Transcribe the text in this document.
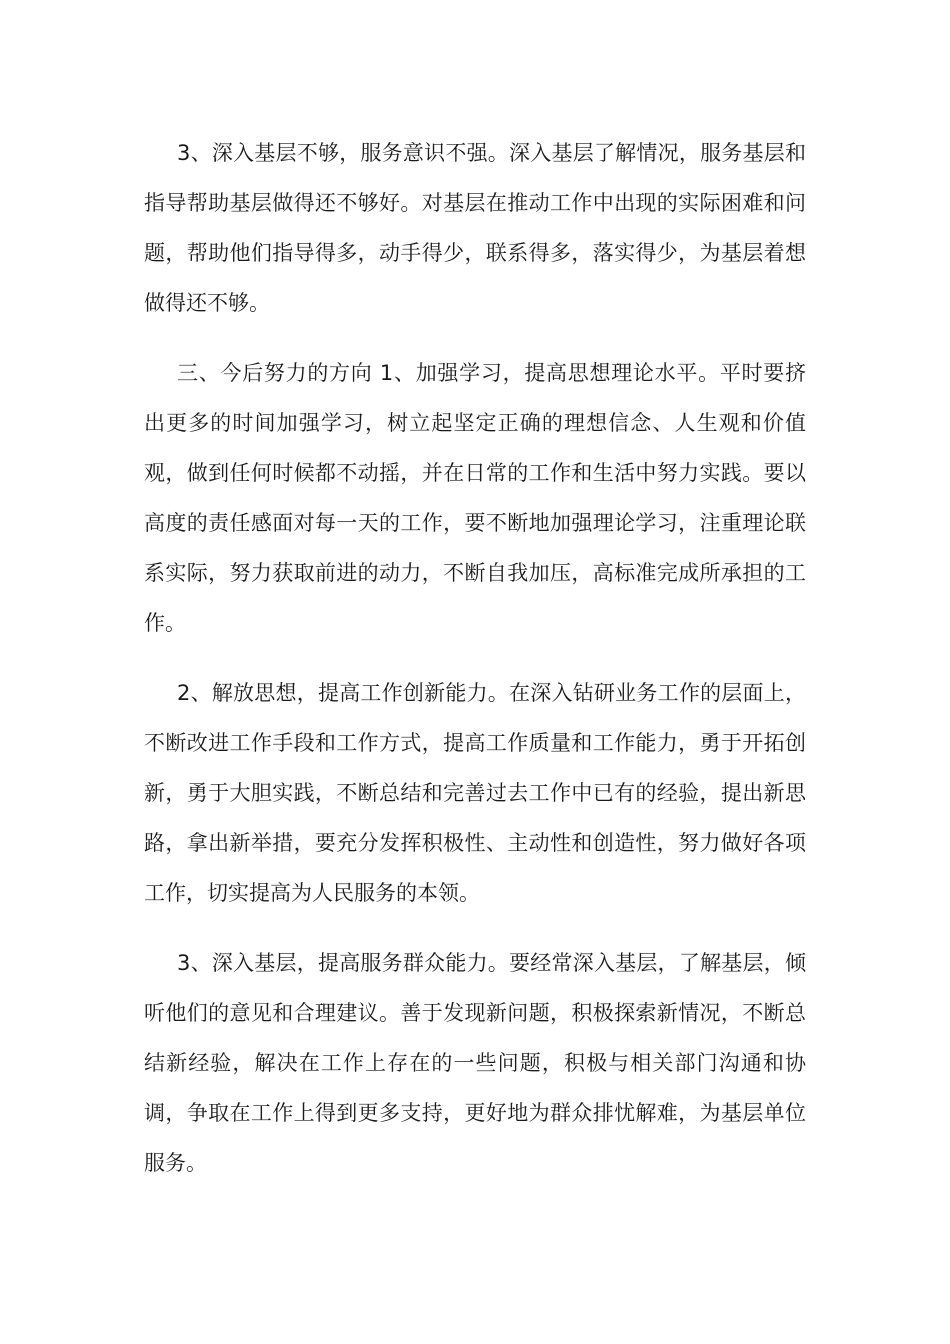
3、深入基层不够，服务意识不强。深入基层了解情况，服务基层和指导帮助基层做得还不够好。对基层在推动工作中出现的实际困难和问题，帮助他们指导得多，动手得少，联系得多，落实得少，为基层着想做得还不够。

三、今后努力的方向 1、加强学习，提高思想理论水平。平时要挤出更多的时间加强学习，树立起坚定正确的理想信念、人生观和价值观，做到任何时候都不动摇，并在日常的工作和生活中努力实践。要以高度的责任感面对每一天的工作，要不断地加强理论学习，注重理论联系实际，努力获取前进的动力，不断自我加压，高标准完成所承担的工作。

2、解放思想，提高工作创新能力。在深入钻研业务工作的层面上，不断改进工作手段和工作方式，提高工作质量和工作能力，勇于开拓创新，勇于大胆实践，不断总结和完善过去工作中已有的经验，提出新思路，拿出新举措，要充分发挥积极性、主动性和创造性，努力做好各项工作，切实提高为人民服务的本领。

3、深入基层，提高服务群众能力。要经常深入基层，了解基层，倾听他们的意见和合理建议。善于发现新问题，积极探索新情况，不断总结新经验，解决在工作上存在的一些问题，积极与相关部门沟通和协调，争取在工作上得到更多支持，更好地为群众排忧解难，为基层单位服务。
